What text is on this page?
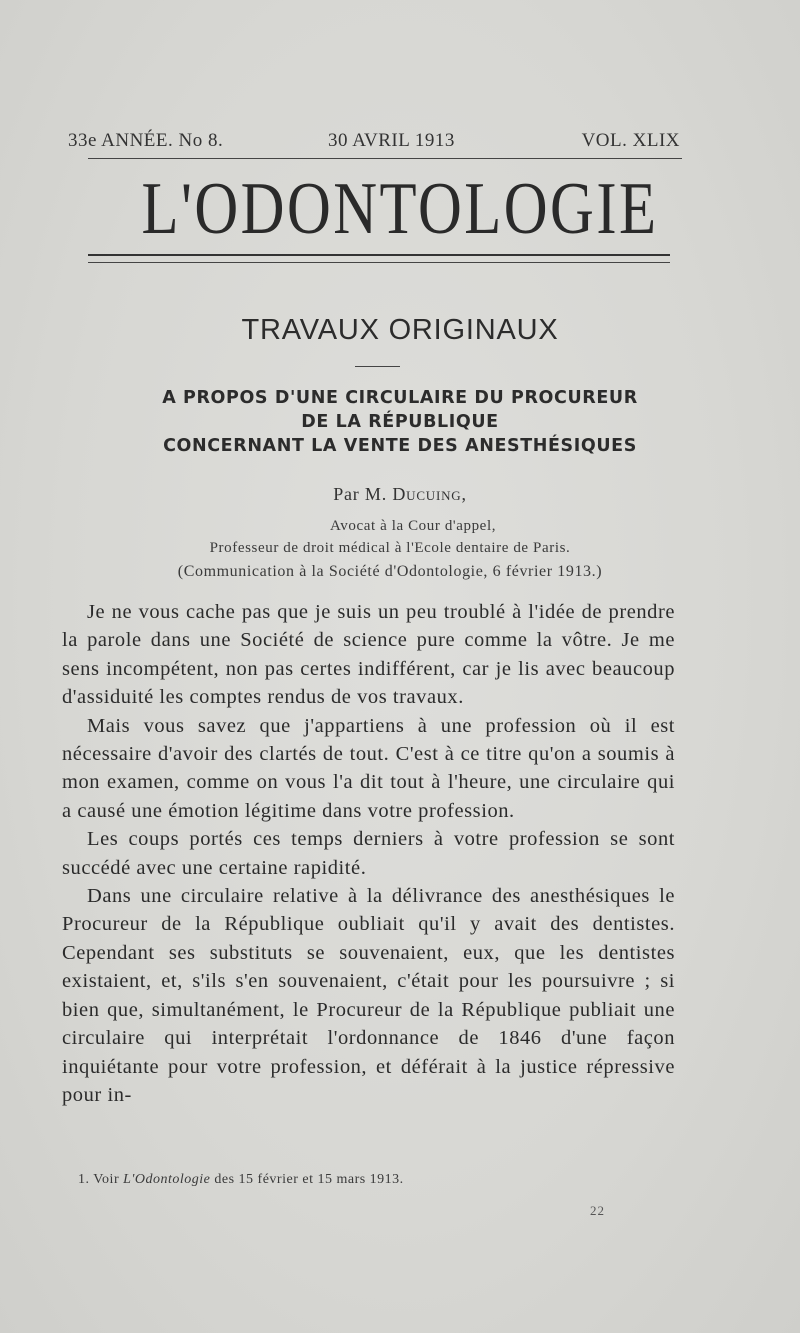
33e ANNÉE. No 8.	30 AVRIL 1913	VOL. XLIX
L'ODONTOLOGIE
TRAVAUX ORIGINAUX
A PROPOS D'UNE CIRCULAIRE DU PROCUREUR
DE LA RÉPUBLIQUE
CONCERNANT LA VENTE DES ANESTHÉSIQUES
Par M. Ducuing,
Avocat à la Cour d'appel,
Professeur de droit médical à l'Ecole dentaire de Paris.
(Communication à la Société d'Odontologie, 6 février 1913.)

Je ne vous cache pas que je suis un peu troublé à l'idée de prendre la parole dans une Société de science pure comme la vôtre. Je me sens incompétent, non pas certes indifférent, car je lis avec beaucoup d'assiduité les comptes rendus de vos travaux.

Mais vous savez que j'appartiens à une profession où il est nécessaire d'avoir des clartés de tout. C'est à ce titre qu'on a soumis à mon examen, comme on vous l'a dit tout à l'heure, une circulaire qui a causé une émotion légitime dans votre profession.

Les coups portés ces temps derniers à votre profession se sont succédé avec une certaine rapidité.

Dans une circulaire relative à la délivrance des anesthésiques le Procureur de la République oubliait qu'il y avait des dentistes. Cependant ses substituts se souvenaient, eux, que les dentistes existaient, et, s'ils s'en souvenaient, c'était pour les poursuivre ; si bien que, simultanément, le Procureur de la République publiait une circulaire qui interprétait l'ordonnance de 1846 d'une façon inquiétante pour votre profession, et déférait à la justice répressive pour in-

1. Voir L'Odontologie des 15 février et 15 mars 1913.
22
